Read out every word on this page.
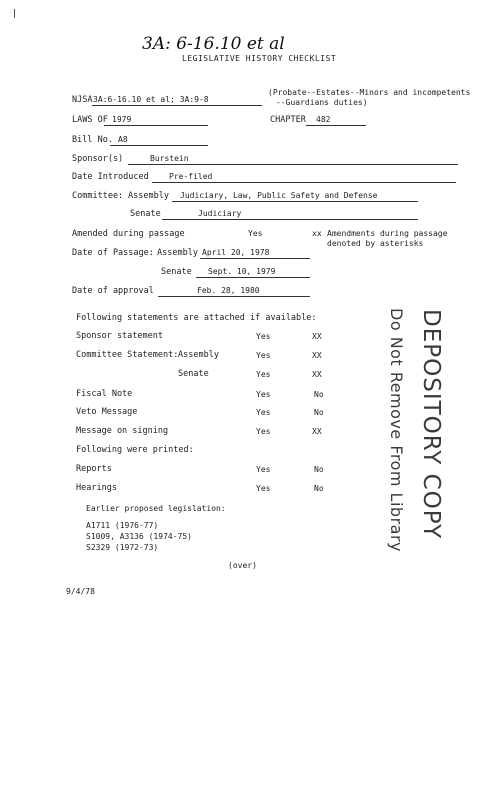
3A: 6-16.10 et al
LEGISLATIVE HISTORY CHECKLIST
NJSA 3A:6-16.10 et al; 3A:9-8
(Probate--Estates--Minors and incompetents
--Guardians duties)
LAWS OF 1979	CHAPTER 482
Bill No. A8
Sponsor(s)	Burstein
Date Introduced	Pre-filed
Committee: Assembly Judiciary, Law, Public Safety and Defense
Senate	Judiciary
Amended during passage	Yes	xx Amendments during passage
denoted by asterisks
Date of Passage: Assembly April 20, 1978
Senate Sept. 10, 1979
Date of approval	Feb. 28, 1980
Following statements are attached if available:
Sponsor statement	Yes	XX
Committee Statement: Assembly	Yes	XX
Senate	Yes	XX
Fiscal Note	Yes	No
Veto Message	Yes	No
Message on signing	Yes	XX
Following were printed:
Reports	Yes	No
Hearings	Yes	No
Earlier proposed legislation:
A1711 (1976-77)
S1009, A3136 (1974-75)
S2329 (1972-73)
(over)
9/4/78
DEPOSITORY COPY
Do Not Remove From Library
